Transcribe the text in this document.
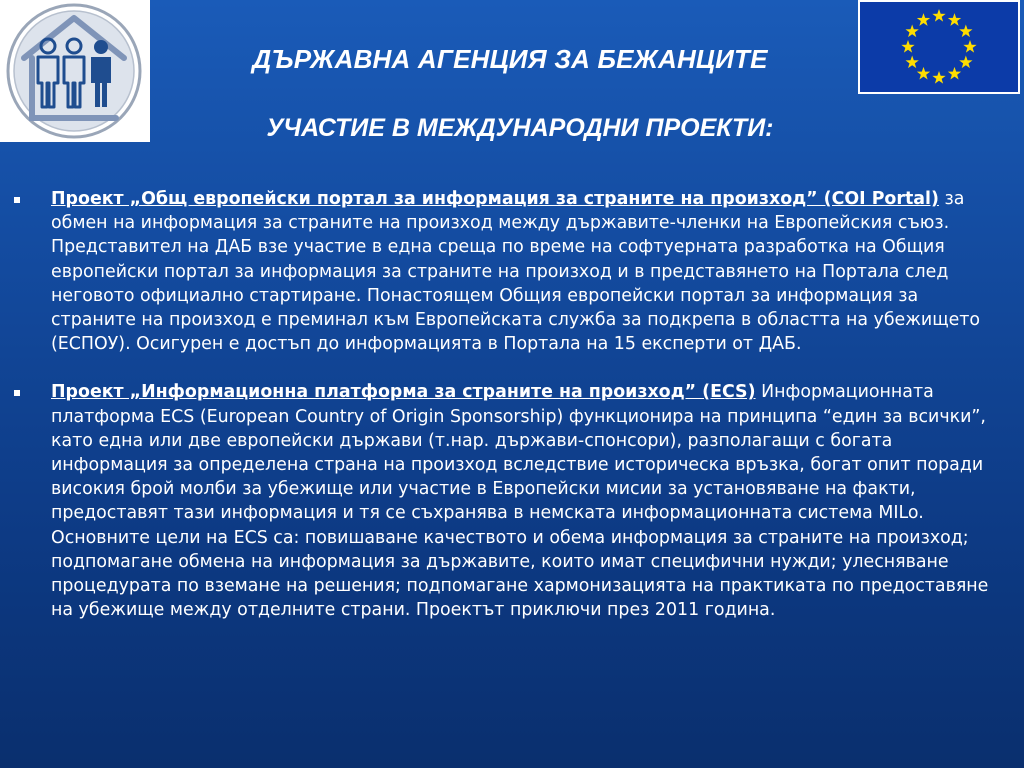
ДЪРЖАВНА АГЕНЦИЯ ЗА БЕЖАНЦИТЕ
УЧАСТИЕ В МЕЖДУНАРОДНИ ПРОЕКТИ:
Проект „Общ европейски портал за информация за страните на произход” (COI Portal) за обмен на информация за страните на произход между държавите-членки на Европейския съюз. Представител на ДАБ взе участие в една среща по време на софтуерната разработка на Общия европейски портал за информация за страните на произход и в представянето на Портала след неговото официално стартиране. Понастоящем Общия европейски портал за информация за страните на произход е преминал към Европейската служба за подкрепа в областта на убежището (ЕСПОУ). Осигурен е достъп до информацията в Портала на 15 експерти от ДАБ.
Проект „Информационна платформа за страните на произход” (ECS) Информационната платформа ECS (European Country of Origin Sponsorship) функционира на принципа “един за всички”, като една или две европейски държави (т.нар. държави-спонсори), разполагащи с богата информация за определена страна на произход вследствие историческа връзка, богат опит поради високия брой молби за убежище или участие в Европейски мисии за установяване на факти, предоставят тази информация и тя се съхранява в немската информационната система MILo. Основните цели на ECS са: повишаване качеството и обема информация за страните на произход; подпомагане обмена на информация за държавите, които имат специфични нужди; улесняване процедурата по вземане на решения; подпомагане хармонизацията на практиката по предоставяне на убежище между отделните страни. Проектът приключи през 2011 година.
